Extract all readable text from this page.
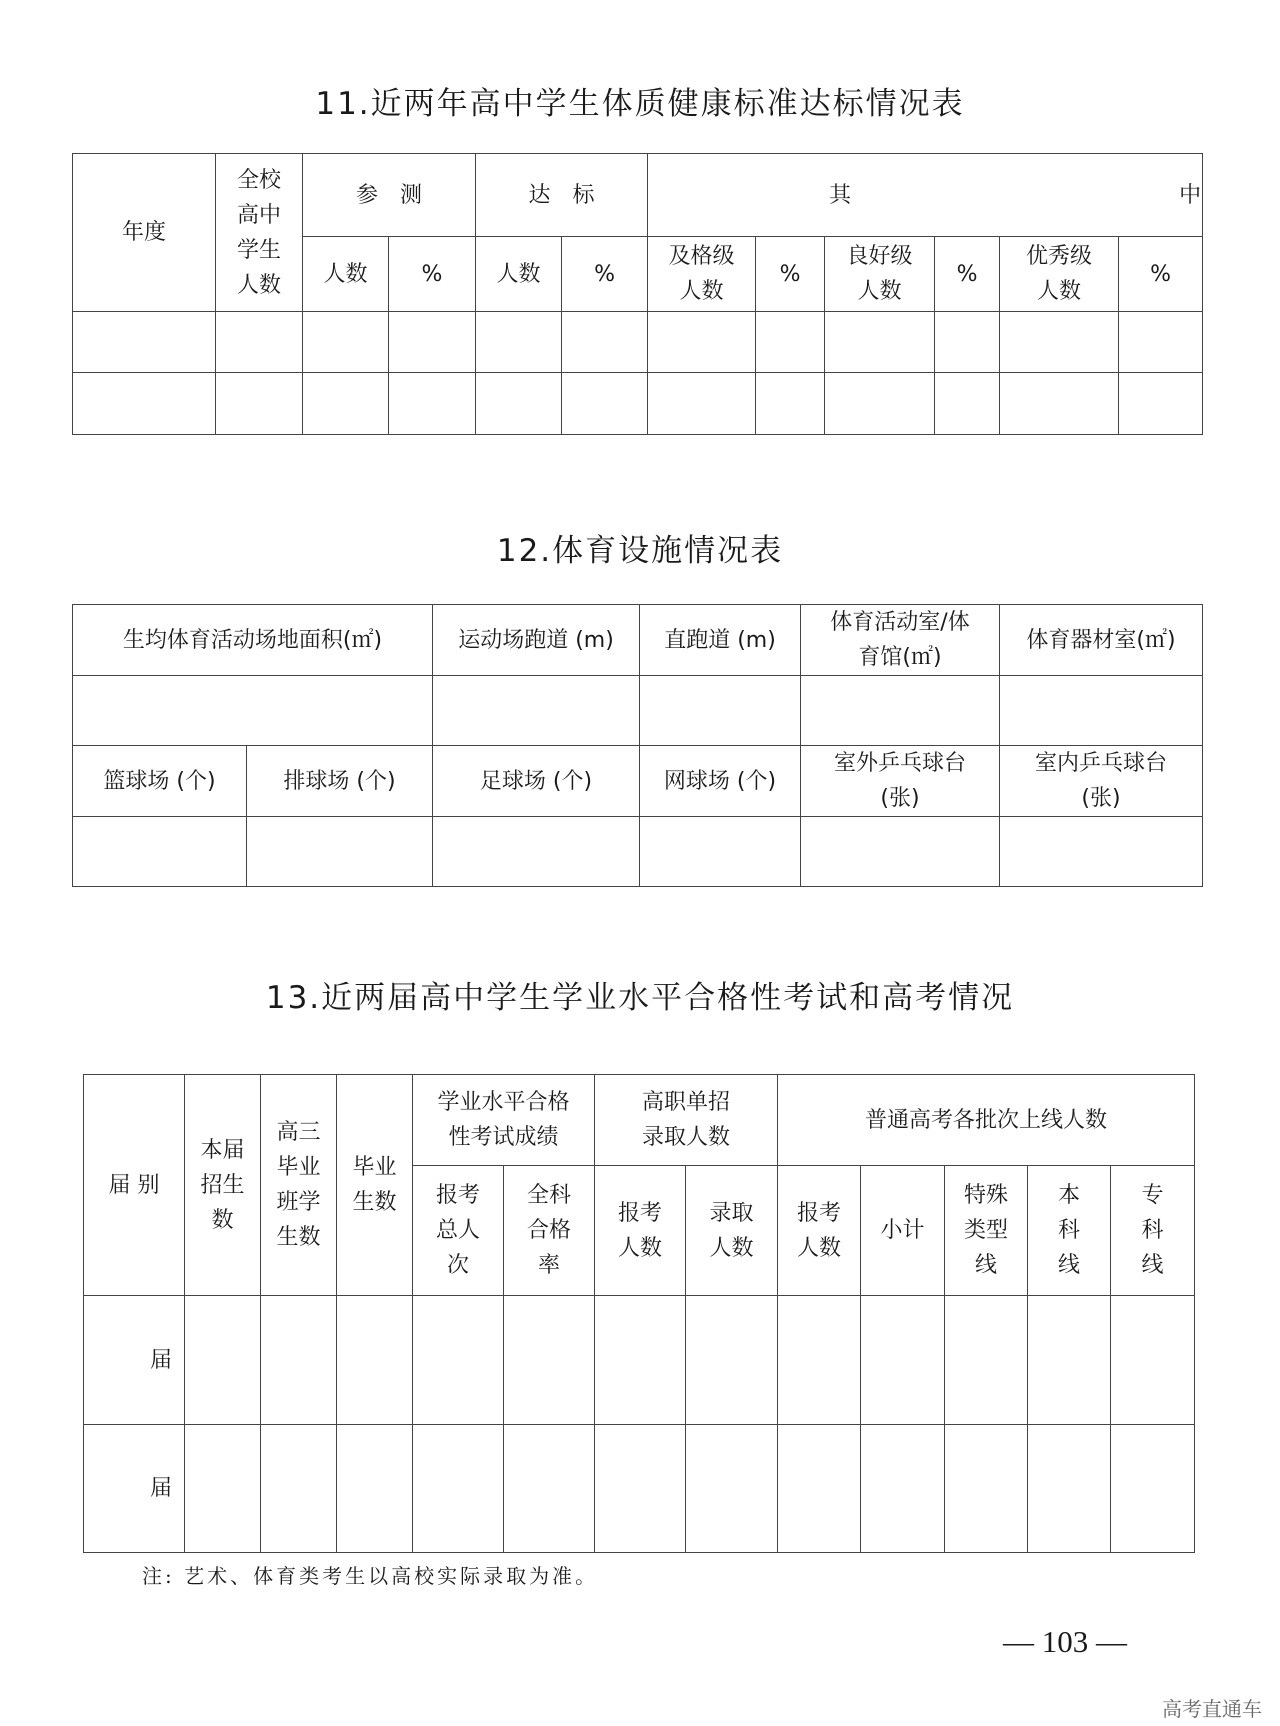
11.近两年高中学生体质健康标准达标情况表
年度	全校高中学生人数	参　测		达　标		其 中					
		人数	%	人数	%	及格级人数	%	良好级人数	%	优秀级人数	%

12.体育设施情况表
生均体育活动场地面积(㎡)		运动场跑道 (m)	直跑道 (m)	体育活动室/体育馆(㎡)	体育器材室(㎡)

篮球场 (个)	排球场 (个)	足球场 (个)	网球场 (个)	室外乒乓球台(张)	室内乒乓球台(张)

13.近两届高中学生学业水平合格性考试和高考情况
届 别	本届招生数	高三毕业班学生数	毕业生数	学业水平合格性考试成绩		高职单招录取人数		普通高考各批次上线人数				
				报考总人次	全科合格率	报考人数	录取人数	报考人数	小计	特殊类型线	本科线	专科线
届												
届												
注: 艺术、体育类考生以高校实际录取为准。
— 103 —
高考直通车
